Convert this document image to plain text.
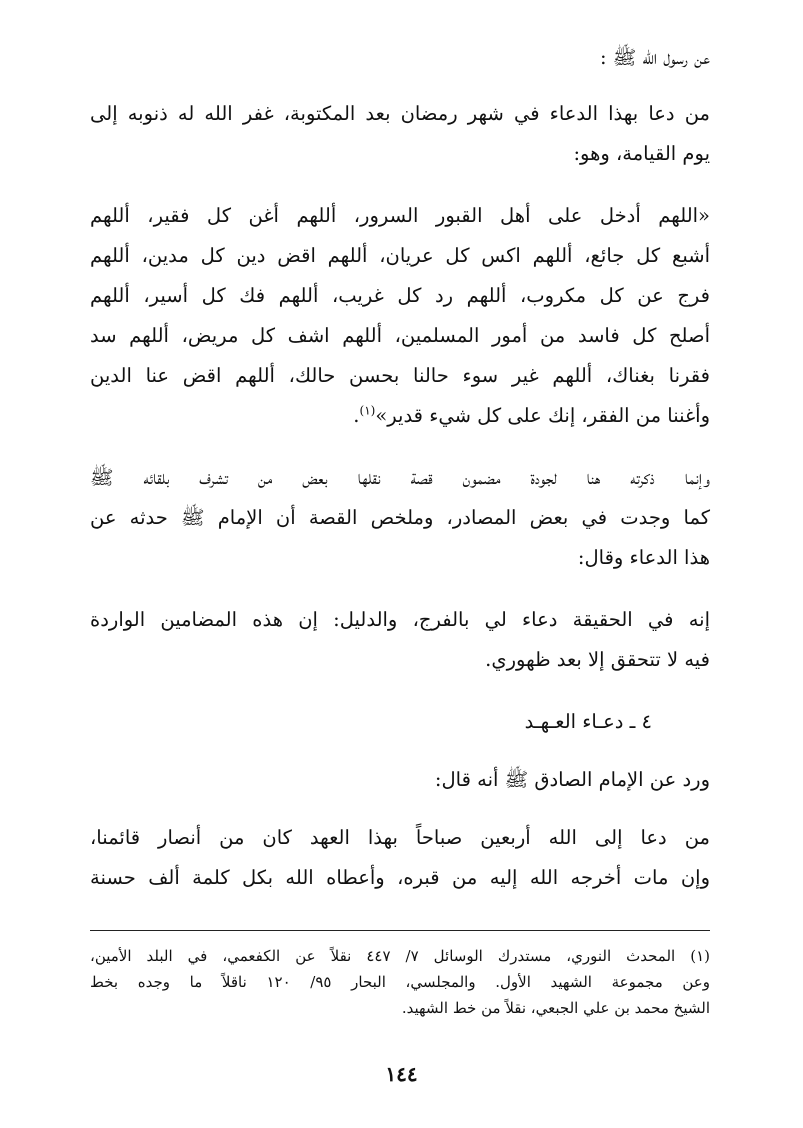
عن رسول الله ﷺ :
من دعا بهذا الدعاء في شهر رمضان بعد المكتوبة، غفر الله له ذنوبه إلى
يوم القيامة، وهو:
«اللهم أدخل على أهل القبور السرور، أللهم أغن كل فقير، أللهم
أشبع كل جائع، أللهم اكس كل عريان، أللهم اقض دين كل مدين، أللهم
فرج عن كل مكروب، أللهم رد كل غريب، أللهم فك كل أسير، أللهم
أصلح كل فاسد من أمور المسلمين، أللهم اشف كل مريض، أللهم سد
فقرنا بغناك، أللهم غير سوء حالنا بحسن حالك، أللهم اقض عنا الدين
وأغننا من الفقر، إنك على كل شيء قدير»$^{(١)}$.
وإنما ذكرته هنا لجودة مضمون قصة نقلها بعض من تشرف بلقائه ﷺ
كما وجدت في بعض المصادر، وملخص القصة أن الإمام ﷺ حدثه عن
هذا الدعاء وقال:
إنه في الحقيقة دعاء لي بالفرج، والدليل: إن هذه المضامين الواردة
فيه لا تتحقق إلا بعد ظهوري.
٤ ـ دعـاء العـهـد
ورد عن الإمام الصادق ﷺ أنه قال:
من دعا إلى الله أربعين صباحاً بهذا العهد كان من أنصار قائمنا،
وإن مات أخرجه الله إليه من قبره، وأعطاه الله بكل كلمة ألف حسنة
(١) المحدث النوري، مستدرك الوسائل ٧/ ٤٤٧ نقلاً عن الكفعمي، في البلد الأمين،
وعن مجموعة الشهيد الأول. والمجلسي، البحار ٩٥/ ١٢٠ ناقلاً ما وجده بخط
الشيخ محمد بن علي الجبعي، نقلاً من خط الشهيد.
١٤٤
